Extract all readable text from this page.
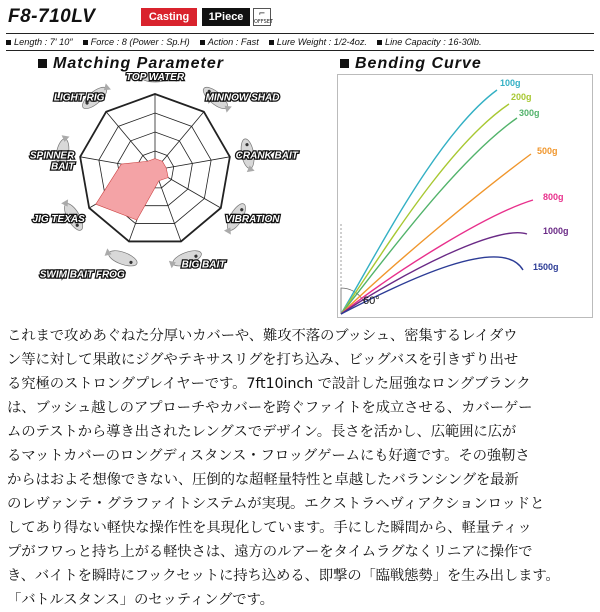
F8-710LV	Casting	1Piece	⌐
OFFSET
Length : 7′ 10″	Force : 8 (Power : Sp.H)	Action : Fast	Lure Weight : 1/2-4oz.	Line Capacity : 16-30lb.
Matching Parameter	Bending Curve
TOP WATER
MINNOW SHAD
CRANK BAIT
VIBRATION
BIG BAIT
SWIM BAIT FROG
JIG TEXAS
SPINNER BAIT
LIGHT RIG
100g
200g
300g
500g
800g
1000g
1500g
60°

これまで攻めあぐねた分厚いカバーや、難攻不落のブッシュ、密集するレイダウ

ン等に対して果敢にジグやテキサスリグを打ち込み、ビッグバスを引きずり出せ

る究極のストロングプレイヤーです。7ft10inch で設計した屈強なロングブランク

は、ブッシュ越しのアプローチやカバーを跨ぐファイトを成立させる、カバーゲー

ムのテストから導き出されたレングスでデザイン。長さを活かし、広範囲に広が

るマットカバーのロングディスタンス・フロッグゲームにも好適です。その強靭さ

からはおよそ想像できない、圧倒的な超軽量特性と卓越したバランシングを最新

のレヴァンテ・グラファイトシステムが実現。エクストラヘヴィアクションロッドと

してあり得ない軽快な操作性を具現化しています。手にした瞬間から、軽量ティッ

プがフワっと持ち上がる軽快さは、遠方のルアーをタイムラグなくリニアに操作で

き、バイトを瞬時にフックセットに持ち込める、即撃の「臨戦態勢」を生み出します。

「バトルスタンス」のセッティングです。
